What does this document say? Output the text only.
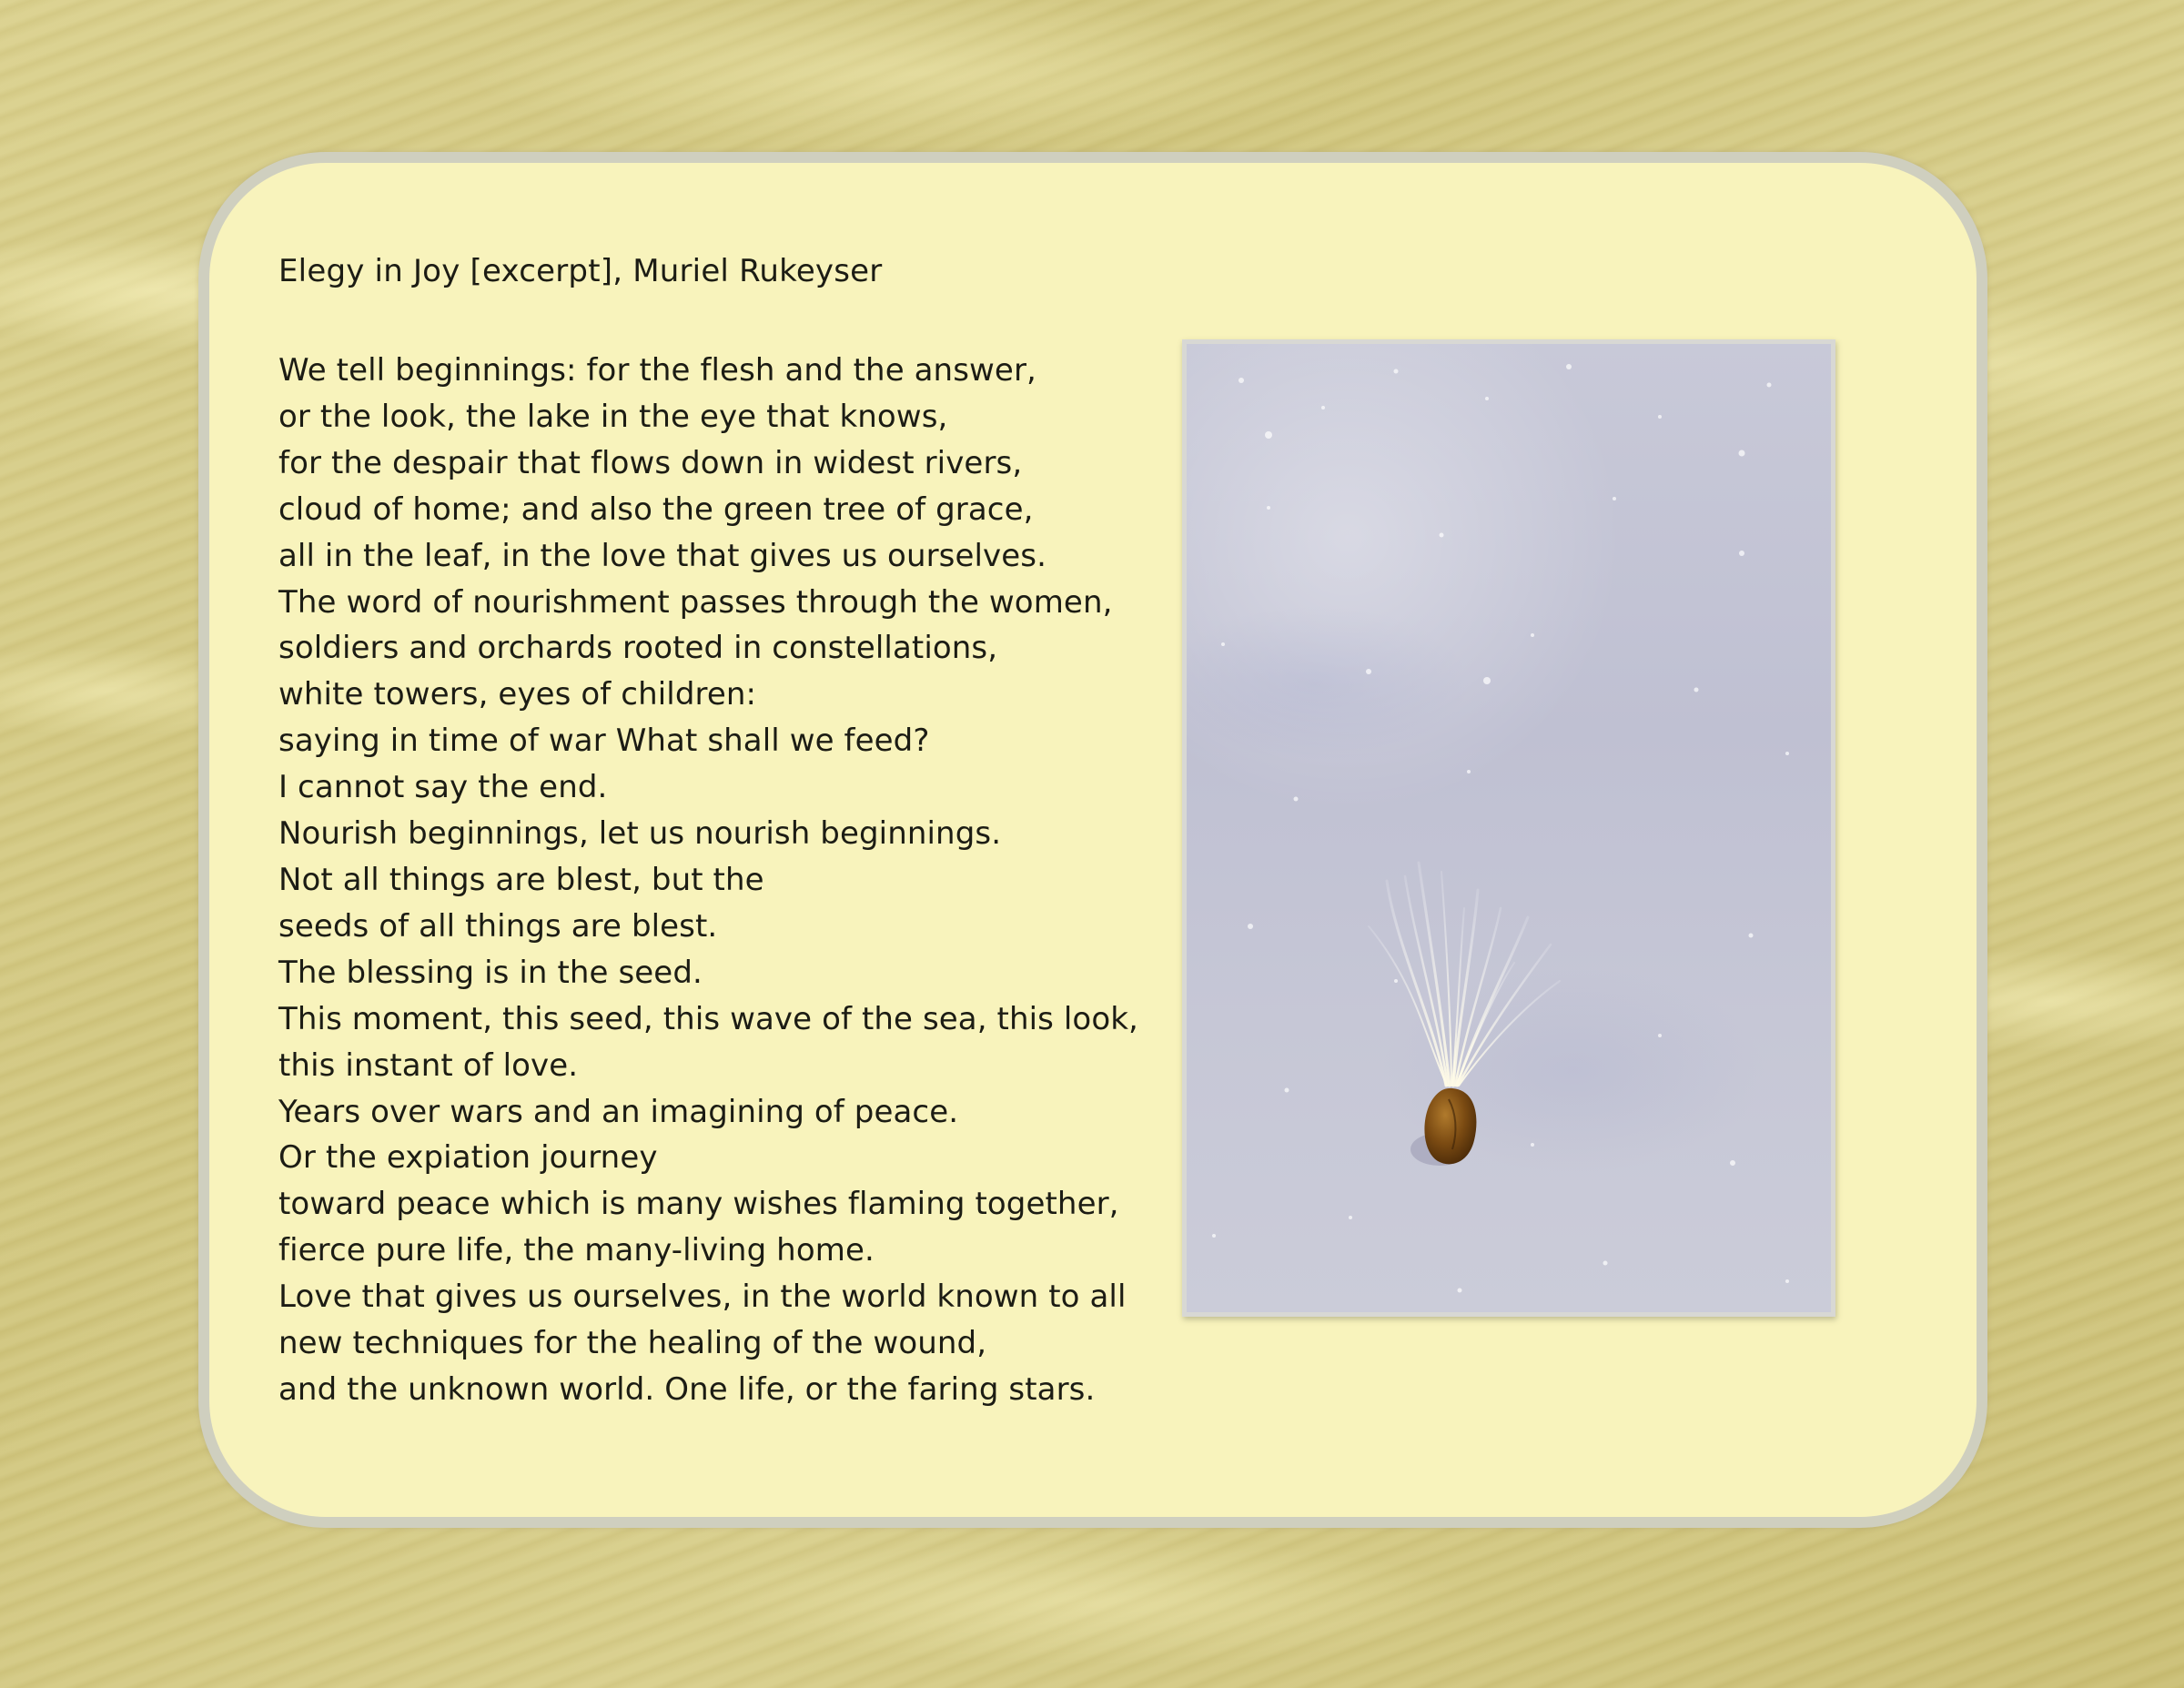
Elegy in Joy [excerpt], Muriel Rukeyser
We tell beginnings: for the flesh and the answer,
or the look, the lake in the eye that knows,
for the despair that flows down in widest rivers,
cloud of home; and also the green tree of grace,
all in the leaf, in the love that gives us ourselves.
The word of nourishment passes through the women,
soldiers and orchards rooted in constellations,
white towers, eyes of children:
saying in time of war What shall we feed?
I cannot say the end.
Nourish beginnings, let us nourish beginnings.
Not all things are blest, but the
seeds of all things are blest.
The blessing is in the seed.
This moment, this seed, this wave of the sea, this look,
this instant of love.
Years over wars and an imagining of peace.
Or the expiation journey
toward peace which is many wishes flaming together,
fierce pure life, the many-living home.
Love that gives us ourselves, in the world known to all
new techniques for the healing of the wound,
and the unknown world. One life, or the faring stars.
